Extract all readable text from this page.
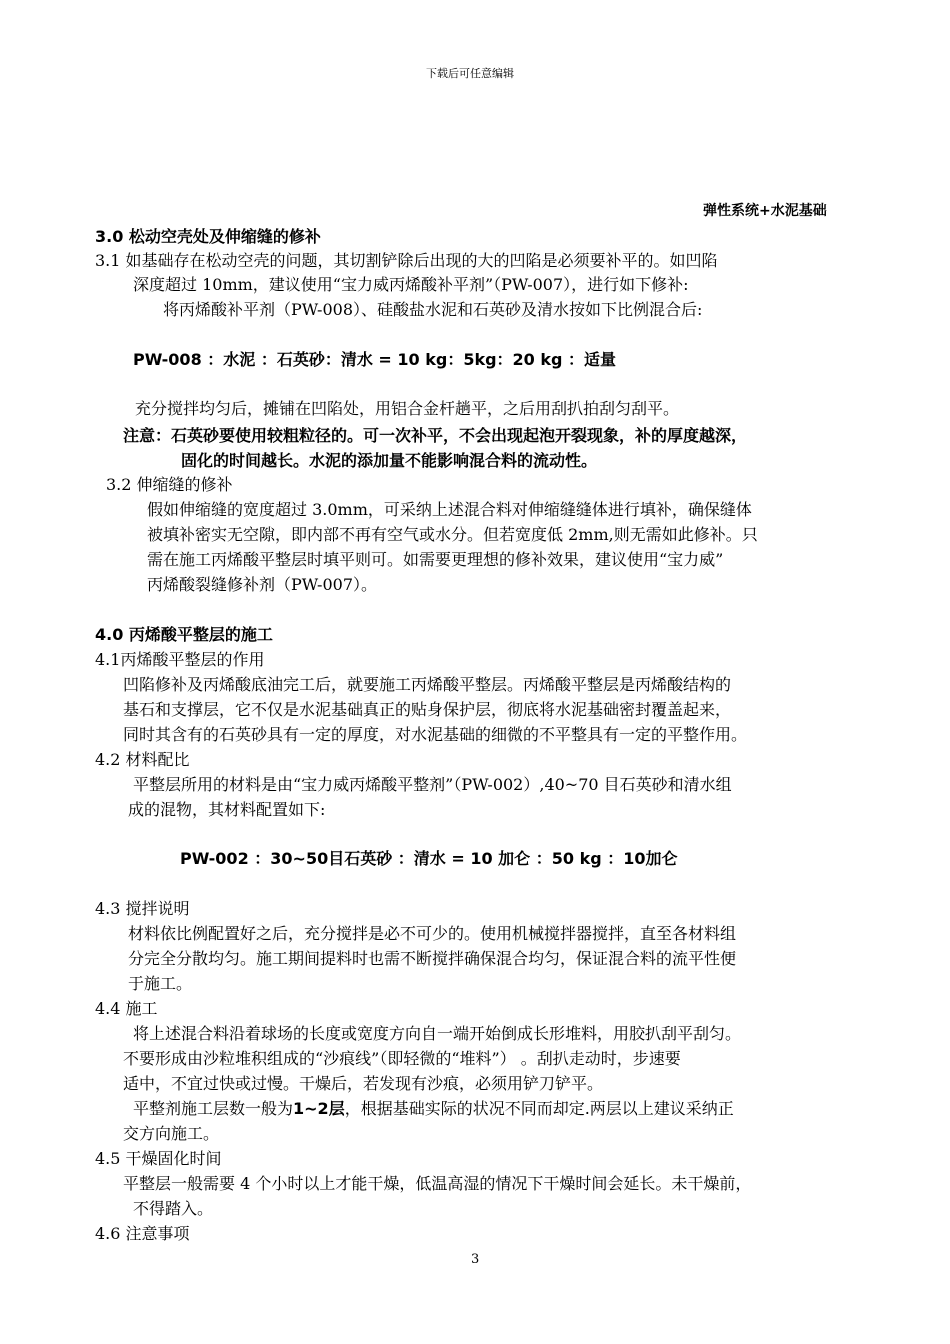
下载后可任意编辑
弹性系统+水泥基础
3.0 松动空壳处及伸缩缝的修补
3.1 如基础存在松动空壳的问题，其切割铲除后出现的大的凹陷是必须要补平的。如凹陷
深度超过 10mm，建议使用“宝力威丙烯酸补平剂”（PW-007），进行如下修补:
将丙烯酸补平剂（PW-008）、硅酸盐水泥和石英砂及清水按如下比例混合后:
PW-008 ：水泥 ：石英砂：清水 = 10 kg：5kg：20 kg ：适量
充分搅拌均匀后，摊铺在凹陷处，用铝合金杆趟平，之后用刮扒拍刮匀刮平。
注意：石英砂要使用较粗粒径的。可一次补平，不会出现起泡开裂现象，补的厚度越深，
固化的时间越长。水泥的添加量不能影响混合料的流动性。
3.2 伸缩缝的修补
假如伸缩缝的宽度超过 3.0mm，可采纳上述混合料对伸缩缝缝体进行填补，确保缝体
被填补密实无空隙，即内部不再有空气或水分。但若宽度低 2mm,则无需如此修补。只
需在施工丙烯酸平整层时填平则可。如需要更理想的修补效果，建议使用“宝力威”
丙烯酸裂缝修补剂（PW-007）。
4.0 丙烯酸平整层的施工
4.1丙烯酸平整层的作用
凹陷修补及丙烯酸底油完工后，就要施工丙烯酸平整层。丙烯酸平整层是丙烯酸结构的
基石和支撑层，它不仅是水泥基础真正的贴身保护层，彻底将水泥基础密封覆盖起来，
同时其含有的石英砂具有一定的厚度，对水泥基础的细微的不平整具有一定的平整作用。
4.2 材料配比
平整层所用的材料是由“宝力威丙烯酸平整剂”（PW-002）,40~70 目石英砂和清水组
成的混物，其材料配置如下:
PW-002 ：30~50目石英砂 ：清水 = 10 加仑 ：50 kg ：10加仑
4.3 搅拌说明
材料依比例配置好之后，充分搅拌是必不可少的。使用机械搅拌器搅拌，直至各材料组
分完全分散均匀。施工期间提料时也需不断搅拌确保混合均匀，保证混合料的流平性便
于施工。
4.4 施工
将上述混合料沿着球场的长度或宽度方向自一端开始倒成长形堆料，用胶扒刮平刮匀。
不要形成由沙粒堆积组成的“沙痕线”（即轻微的“堆料”） 。刮扒走动时，步速要
适中，不宜过快或过慢。干燥后，若发现有沙痕，必须用铲刀铲平。
平整剂施工层数一般为1~2层，根据基础实际的状况不同而却定.两层以上建议采纳正
交方向施工。
4.5 干燥固化时间
平整层一般需要 4 个小时以上才能干燥，低温高湿的情况下干燥时间会延长。未干燥前，
不得踏入。
4.6 注意事项
3
